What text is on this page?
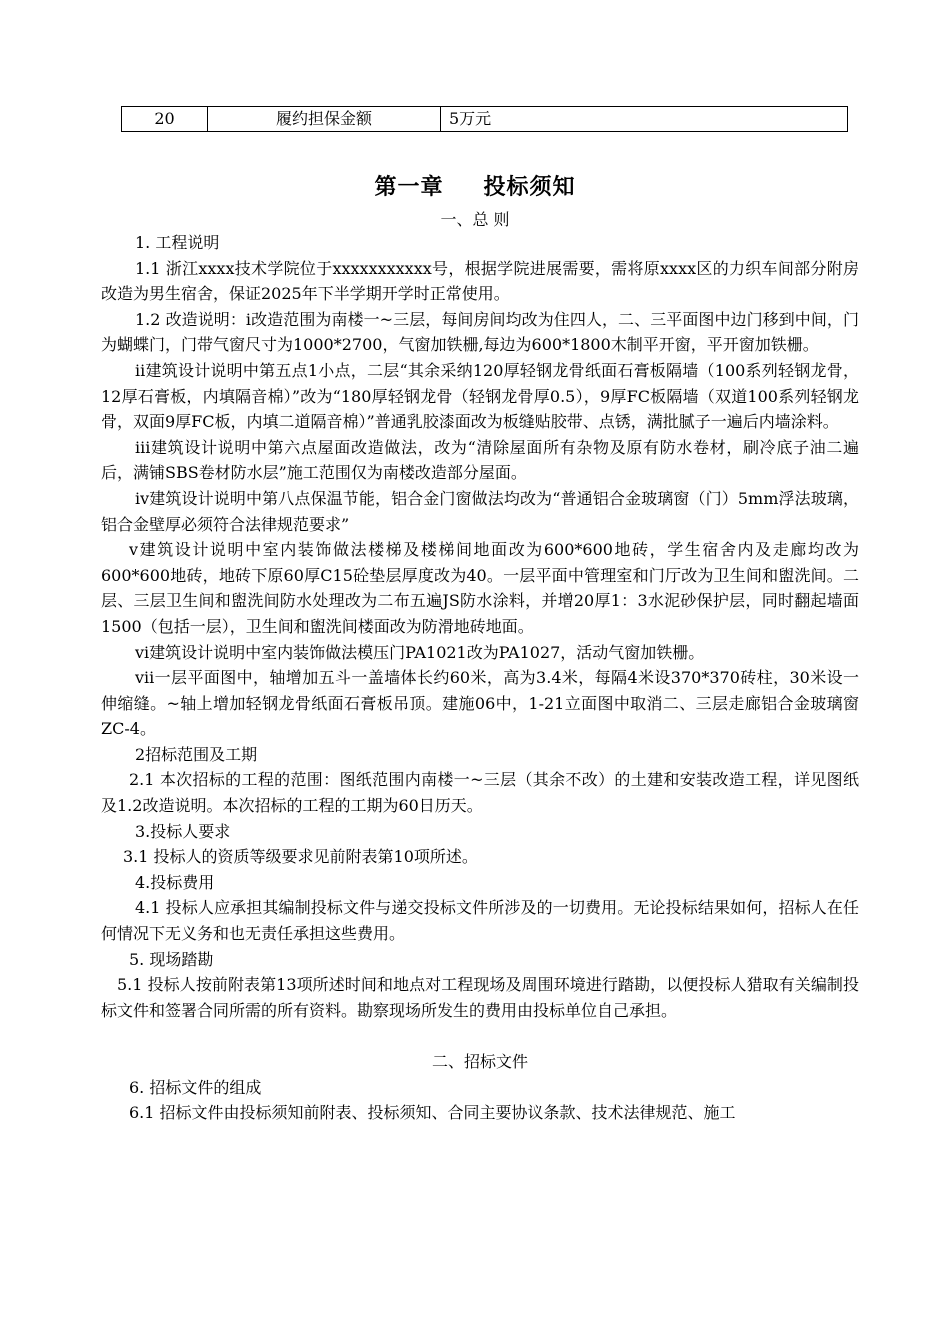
20	履约担保金额	5万元
第一章 投标须知
一、总 则

1. 工程说明

1.1 浙江xxxx技术学院位于xxxxxxxxxxx号，根据学院进展需要，需将原xxxx区的力织车间部分附房改造为男生宿舍，保证2025年下半学期开学时正常使用。

1.2 改造说明：i改造范围为南楼一~三层，每间房间均改为住四人，二、三平面图中边门移到中间，门为蝴蝶门，门带气窗尺寸为1000*2700，气窗加铁栅,每边为600*1800木制平开窗，平开窗加铁栅。

ii建筑设计说明中第五点1小点，二层“其余采纳120厚轻钢龙骨纸面石膏板隔墙（100系列轻钢龙骨，12厚石膏板，内填隔音棉）”改为“180厚轻钢龙骨（轻钢龙骨厚0.5），9厚FC板隔墙（双道100系列轻钢龙骨，双面9厚FC板，内填二道隔音棉）”普通乳胶漆面改为板缝贴胶带、点锈，满批腻子一遍后内墙涂料。

iii建筑设计说明中第六点屋面改造做法，改为“清除屋面所有杂物及原有防水卷材，刷冷底子油二遍后，满铺SBS卷材防水层”施工范围仅为南楼改造部分屋面。

iv建筑设计说明中第八点保温节能，铝合金门窗做法均改为“普通铝合金玻璃窗（门）5mm浮法玻璃，铝合金壁厚必须符合法律规范要求”

v建筑设计说明中室内装饰做法楼梯及楼梯间地面改为600*600地砖，学生宿舍内及走廊均改为600*600地砖，地砖下原60厚C15砼垫层厚度改为40。一层平面中管理室和门厅改为卫生间和盥洗间。二层、三层卫生间和盥洗间防水处理改为二布五遍JS防水涂料，并增20厚1：3水泥砂保护层，同时翻起墙面1500（包括一层），卫生间和盥洗间楼面改为防滑地砖地面。

vi建筑设计说明中室内装饰做法模压门PA1021改为PA1027，活动气窗加铁栅。

vii一层平面图中，轴增加五斗一盖墙体长约60米，高为3.4米，每隔4米设370*370砖柱，30米设一伸缩缝。~轴上增加轻钢龙骨纸面石膏板吊顶。建施06中，1-21立面图中取消二、三层走廊铝合金玻璃窗ZC-4。

2招标范围及工期

2.1 本次招标的工程的范围：图纸范围内南楼一~三层（其余不改）的土建和安装改造工程，详见图纸及1.2改造说明。本次招标的工程的工期为60日历天。

3.投标人要求

3.1 投标人的资质等级要求见前附表第10项所述。

4.投标费用

4.1 投标人应承担其编制投标文件与递交投标文件所涉及的一切费用。无论投标结果如何，招标人在任何情况下无义务和也无责任承担这些费用。

5. 现场踏勘

5.1 投标人按前附表第13项所述时间和地点对工程现场及周围环境进行踏勘，以便投标人猎取有关编制投标文件和签署合同所需的所有资料。勘察现场所发生的费用由投标单位自己承担。

二、招标文件

6. 招标文件的组成

6.1 招标文件由投标须知前附表、投标须知、合同主要协议条款、技术法律规范、施工
